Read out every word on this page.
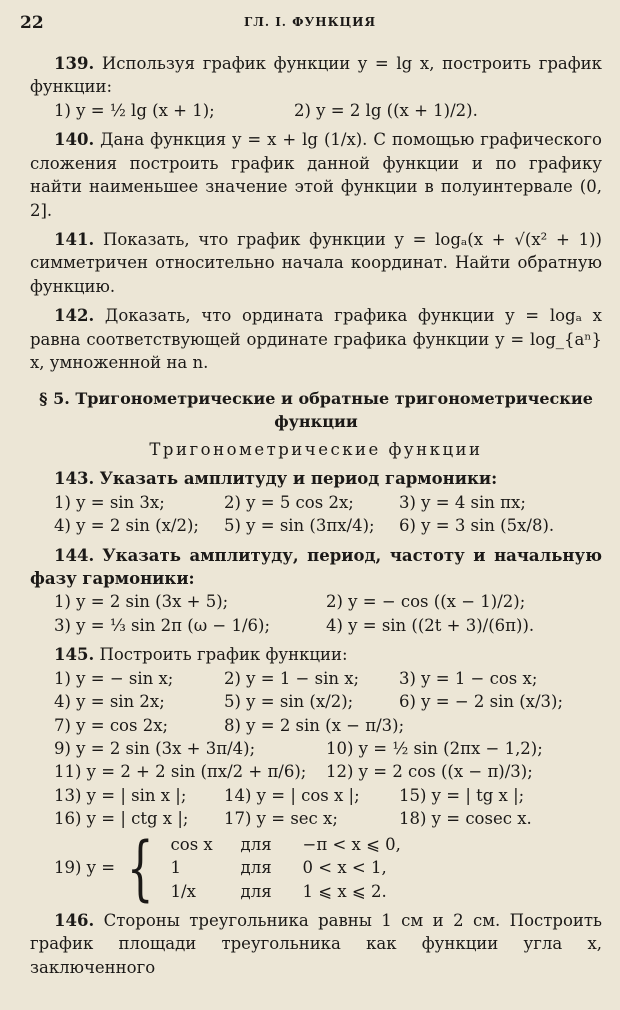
22	ГЛ. I. ФУНКЦИЯ

139. Используя график функции y = lg x, построить график функции:

1) y = ½ lg (x + 1);	2) y = 2 lg ((x + 1)/2).

140. Дана функция y = x + lg (1/x). С помощью графического сложения построить график данной функции и по графику найти наименьшее значение этой функции в полуинтервале (0, 2].

141. Показать, что график функции y = logₐ(x + √(x² + 1)) симметричен относительно начала координат. Найти обратную функцию.

142. Доказать, что ордината графика функции y = logₐ x равна соответствующей ординате графика функции y = log_{aⁿ} x, умноженной на n.

§ 5. Тригонометрические и обратные тригонометрические функции
Тригонометрические функции

143. Указать амплитуду и период гармоники:

1) y = sin 3x;	2) y = 5 cos 2x;	3) y = 4 sin πx;
4) y = 2 sin (x/2);	5) y = sin (3πx/4);	6) y = 3 sin (5x/8).

144. Указать амплитуду, период, частоту и начальную фазу гармоники:

1) y = 2 sin (3x + 5);	2) y = − cos ((x − 1)/2);
3) y = ⅓ sin 2π (ω − 1/6);	4) y = sin ((2t + 3)/(6π)).

145. Построить график функции:

1) y = − sin x;	2) y = 1 − sin x;	3) y = 1 − cos x;
4) y = sin 2x;	5) y = sin (x/2);	6) y = − 2 sin (x/3);
7) y = cos 2x;	8) y = 2 sin (x − π/3);
9) y = 2 sin (3x + 3π/4);	10) y = ½ sin (2πx − 1,2);
11) y = 2 + 2 sin (πx/2 + π/6);	12) y = 2 cos ((x − π)/3);
13) y = | sin x |;	14) y = | cos x |;	15) y = | tg x |;
16) y = | ctg x |;	17) y = sec x;	18) y = cosec x.
19) y = { cos x	для	−π < x ⩽ 0,
1	для	0 < x < 1,
1/x	для	1 ⩽ x ⩽ 2.

146. Стороны треугольника равны 1 см и 2 см. Построить график площади треугольника как функции угла x, заключенного
